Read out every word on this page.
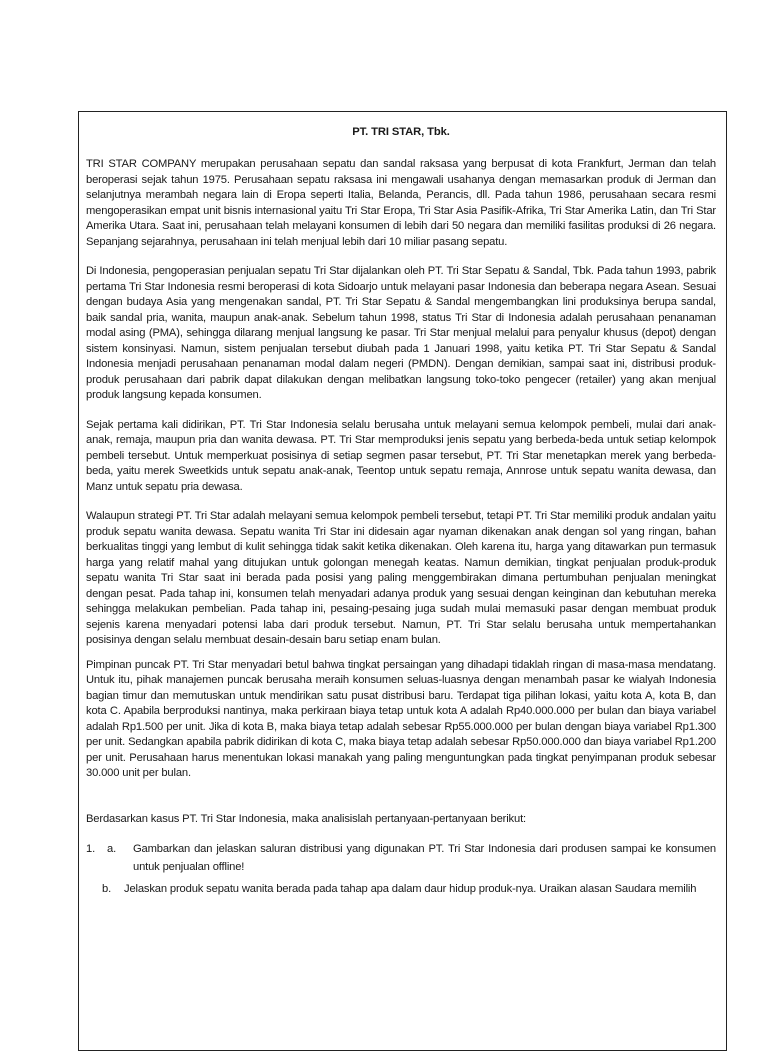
PT. TRI STAR, Tbk.

TRI STAR COMPANY merupakan perusahaan sepatu dan sandal raksasa yang berpusat di kota Frankfurt, Jerman dan telah beroperasi sejak tahun 1975. Perusahaan sepatu raksasa ini mengawali usahanya dengan memasarkan produk di Jerman dan selanjutnya merambah negara lain di Eropa seperti Italia, Belanda, Perancis, dll. Pada tahun 1986, perusahaan secara resmi mengoperasikan empat unit bisnis internasional yaitu Tri Star Eropa, Tri Star Asia Pasifik-Afrika, Tri Star Amerika Latin, dan Tri Star Amerika Utara. Saat ini, perusahaan telah melayani konsumen di lebih dari 50 negara dan memiliki fasilitas produksi di 26 negara. Sepanjang sejarahnya, perusahaan ini telah menjual lebih dari 10 miliar pasang sepatu.

Di Indonesia, pengoperasian penjualan sepatu Tri Star dijalankan oleh PT. Tri Star Sepatu & Sandal, Tbk. Pada tahun 1993, pabrik pertama Tri Star Indonesia resmi beroperasi di kota Sidoarjo untuk melayani pasar Indonesia dan beberapa negara Asean. Sesuai dengan budaya Asia yang mengenakan sandal, PT. Tri Star Sepatu & Sandal mengembangkan lini produksinya berupa sandal, baik sandal pria, wanita, maupun anak-anak. Sebelum tahun 1998, status Tri Star di Indonesia adalah perusahaan penanaman modal asing (PMA), sehingga dilarang menjual langsung ke pasar. Tri Star menjual melalui para penyalur khusus (depot) dengan sistem konsinyasi. Namun, sistem penjualan tersebut diubah pada 1 Januari 1998, yaitu ketika PT. Tri Star Sepatu & Sandal Indonesia menjadi perusahaan penanaman modal dalam negeri (PMDN). Dengan demikian, sampai saat ini, distribusi produk-produk perusahaan dari pabrik dapat dilakukan dengan melibatkan langsung toko-toko pengecer (retailer) yang akan menjual produk langsung kepada konsumen.

Sejak pertama kali didirikan, PT. Tri Star Indonesia selalu berusaha untuk melayani semua kelompok pembeli, mulai dari anak-anak, remaja, maupun pria dan wanita dewasa. PT. Tri Star memproduksi jenis sepatu yang berbeda-beda untuk setiap kelompok pembeli tersebut. Untuk memperkuat posisinya di setiap segmen pasar tersebut, PT. Tri Star menetapkan merek yang berbeda-beda, yaitu merek Sweetkids untuk sepatu anak-anak, Teentop untuk sepatu remaja, Annrose untuk sepatu wanita dewasa, dan Manz untuk sepatu pria dewasa.

Walaupun strategi PT. Tri Star adalah melayani semua kelompok pembeli tersebut, tetapi PT. Tri Star memiliki produk andalan yaitu produk sepatu wanita dewasa. Sepatu wanita Tri Star ini didesain agar nyaman dikenakan anak dengan sol yang ringan, bahan berkualitas tinggi yang lembut di kulit sehingga tidak sakit ketika dikenakan. Oleh karena itu, harga yang ditawarkan pun termasuk harga yang relatif mahal yang ditujukan untuk golongan menegah keatas. Namun demikian, tingkat penjualan produk-produk sepatu wanita Tri Star saat ini berada pada posisi yang paling menggembirakan dimana pertumbuhan penjualan meningkat dengan pesat. Pada tahap ini, konsumen telah menyadari adanya produk yang sesuai dengan keinginan dan kebutuhan mereka sehingga melakukan pembelian. Pada tahap ini, pesaing-pesaing juga sudah mulai memasuki pasar dengan membuat produk sejenis karena menyadari potensi laba dari produk tersebut. Namun, PT. Tri Star selalu berusaha untuk mempertahankan posisinya dengan selalu membuat desain-desain baru setiap enam bulan.

Pimpinan puncak PT. Tri Star menyadari betul bahwa tingkat persaingan yang dihadapi tidaklah ringan di masa-masa mendatang. Untuk itu, pihak manajemen puncak berusaha meraih konsumen seluas-luasnya dengan menambah pasar ke wialyah Indonesia bagian timur dan memutuskan untuk mendirikan satu pusat distribusi baru. Terdapat tiga pilihan lokasi, yaitu kota A, kota B, dan kota C. Apabila berproduksi nantinya, maka perkiraan biaya tetap untuk kota A adalah Rp40.000.000 per bulan dan biaya variabel adalah Rp1.500 per unit. Jika di kota B, maka biaya tetap adalah sebesar Rp55.000.000 per bulan dengan biaya variabel Rp1.300 per unit. Sedangkan apabila pabrik didirikan di kota C, maka biaya tetap adalah sebesar Rp50.000.000 dan biaya variabel Rp1.200 per unit. Perusahaan harus menentukan lokasi manakah yang paling menguntungkan pada tingkat penyimpanan produk sebesar 30.000 unit per bulan.

Berdasarkan kasus PT. Tri Star Indonesia, maka analisislah pertanyaan-pertanyaan berikut:
1. a. Gambarkan dan jelaskan saluran distribusi yang digunakan PT. Tri Star Indonesia dari produsen sampai ke konsumen untuk penjualan offline!
b. Jelaskan produk sepatu wanita berada pada tahap apa dalam daur hidup produk-nya. Uraikan alasan Saudara memilih
